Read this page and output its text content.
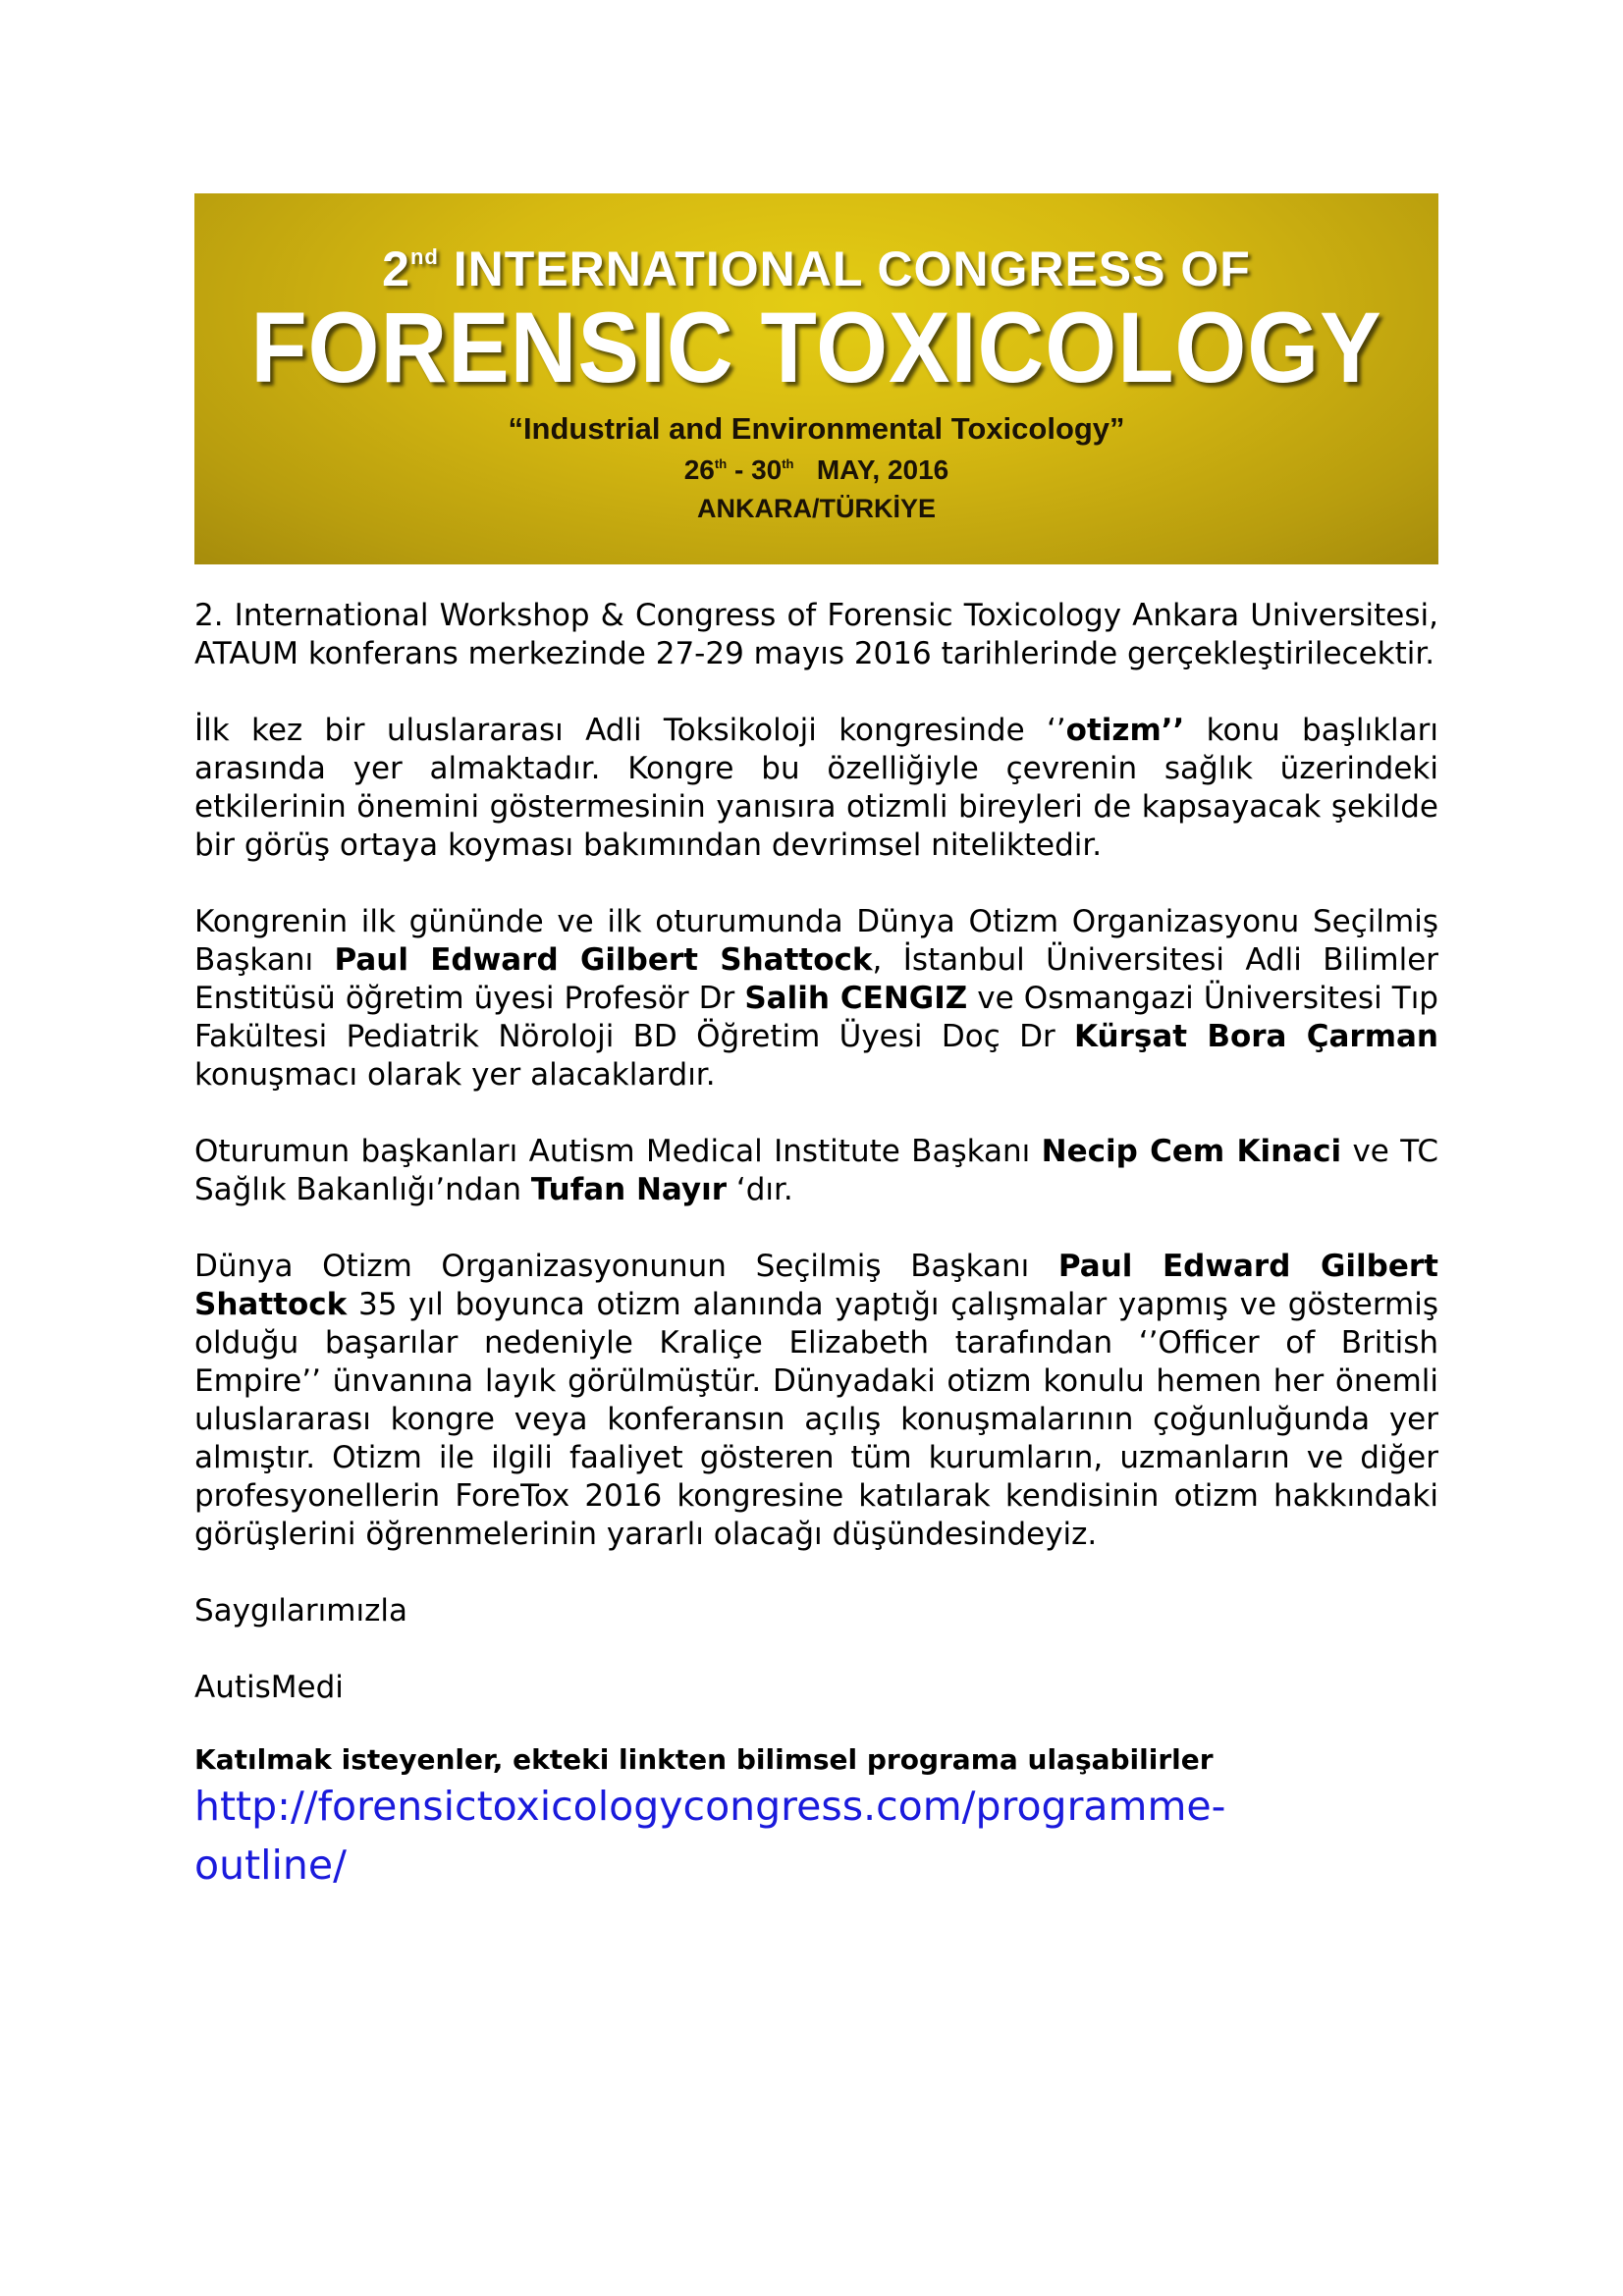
2nd INTERNATIONAL CONGRESS OF
FORENSIC TOXICOLOGY
“Industrial and Environmental Toxicology”
26th - 30th MAY, 2016
ANKARA/TÜRKİYE

2. International Workshop & Congress of Forensic Toxicology Ankara Universitesi, ATAUM konferans merkezinde 27-29 mayıs 2016 tarihlerinde gerçekleştirilecektir.

İlk kez bir uluslararası Adli Toksikoloji kongresinde ‘’otizm’’ konu başlıkları arasında yer almaktadır. Kongre bu özelliğiyle çevrenin sağlık üzerindeki etkilerinin önemini göstermesinin yanısıra otizmli bireyleri de kapsayacak şekilde bir görüş ortaya koyması bakımından devrimsel niteliktedir.

Kongrenin ilk gününde ve ilk oturumunda Dünya Otizm Organizasyonu Seçilmiş Başkanı Paul Edward Gilbert Shattock, İstanbul Üniversitesi Adli Bilimler Enstitüsü öğretim üyesi Profesör Dr Salih CENGIZ ve Osmangazi Üniversitesi Tıp Fakültesi Pediatrik Nöroloji BD Öğretim Üyesi Doç Dr Kürşat Bora Çarman konuşmacı olarak yer alacaklardır.

Oturumun başkanları Autism Medical Institute Başkanı Necip Cem Kinaci ve TC Sağlık Bakanlığı’ndan Tufan Nayır ‘dır.

Dünya Otizm Organizasyonunun Seçilmiş Başkanı Paul Edward Gilbert Shattock 35 yıl boyunca otizm alanında yaptığı çalışmalar yapmış ve göstermiş olduğu başarılar nedeniyle Kraliçe Elizabeth tarafından ‘’Officer of British Empire’’ ünvanına layık görülmüştür. Dünyadaki otizm konulu hemen her önemli uluslararası kongre veya konferansın açılış konuşmalarının çoğunluğunda yer almıştır. Otizm ile ilgili faaliyet gösteren tüm kurumların, uzmanların ve diğer profesyonellerin ForeTox 2016 kongresine katılarak kendisinin otizm hakkındaki görüşlerini öğrenmelerinin yararlı olacağı düşündesindeyiz.

Saygılarımızla

AutisMedi

Katılmak isteyenler, ekteki linkten bilimsel programa ulaşabilirler

http://forensictoxicologycongress.com/programme-outline/
